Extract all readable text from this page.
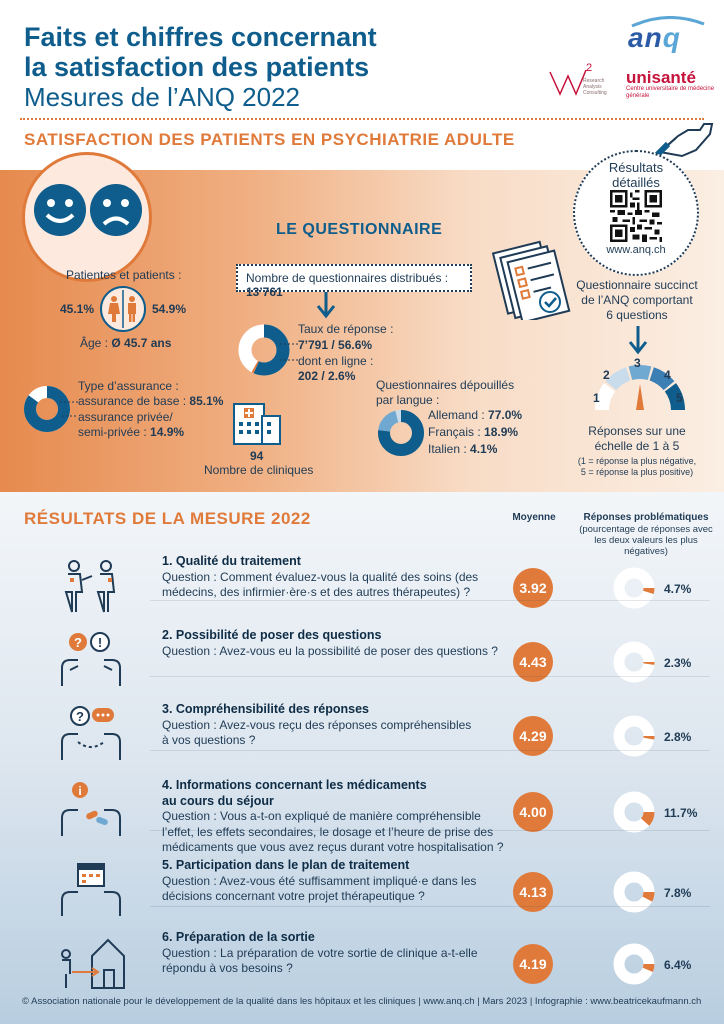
Faits et chiffres concernant
la satisfaction des patients
Mesures de l’ANQ 2022
anq
2
Research Analysis Consulting
unisanté
Centre universitaire de médecine générale
SATISFACTION DES PATIENTS EN PSYCHIATRIE ADULTE
Résultats détaillés
www.anq.ch
LE QUESTIONNAIRE
Patientes et patients :
45.1%	54.9%
Âge : Ø 45.7 ans
Type d’assurance :
assurance de base : 85.1%
assurance privée/
semi-privée : 14.9%
Nombre de questionnaires distribués : 13’761
Taux de réponse :
7’791 / 56.6%
dont en ligne :
202 / 2.6%
94
Nombre de cliniques
Questionnaires dépouillés
par langue :
Allemand : 77.0%
Français : 18.9%
Italien : 4.1%
Questionnaire succinct
de l’ANQ comportant
6 questions
1
2
3
4
5
Réponses sur une
échelle de 1 à 5
(1 = réponse la plus négative,
5 = réponse la plus positive)
RÉSULTATS DE LA MESURE 2022	Moyenne	Réponses problématiques
(pourcentage de réponses avec les deux valeurs les plus négatives)
1. Qualité du traitement
Question : Comment évaluez-vous la qualité des soins (des
médecins, des infirmier·ère·s et des autres thérapeutes) ?	3.92	4.7%
? !	2. Possibilité de poser des questions
Question : Avez-vous eu la possibilité de poser des questions ?
4.43	2.3%
?	3. Compréhensibilité des réponses
Question : Avez-vous reçu des réponses compréhensibles
à vos questions ?	4.29	2.8%
i	4. Informations concernant les médicaments
au cours du séjour
Question : Vous a-t-on expliqué de manière compréhensible
l’effet, les effets secondaires, le dosage et l’heure de prise des
médicaments que vous avez reçus durant votre hospitalisation ?
4.00	11.7%
5. Participation dans le plan de traitement
Question : Avez-vous été suffisamment impliqué·e dans les
décisions concernant votre projet thérapeutique ?	4.13	7.8%
6. Préparation de la sortie
Question : La préparation de votre sortie de clinique a-t-elle
répondu à vos besoins ?	4.19	6.4%
© Association nationale pour le développement de la qualité dans les hôpitaux et les cliniques | www.anq.ch | Mars 2023 | Infographie : www.beatricekaufmann.ch
